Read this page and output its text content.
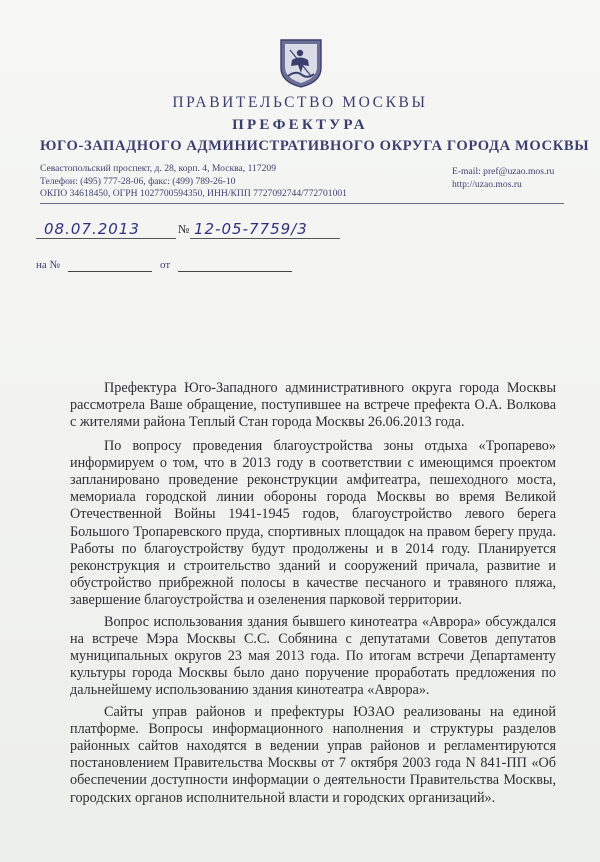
ПРАВИТЕЛЬСТВО МОСКВЫ
ПРЕФЕКТУРА
ЮГО-ЗАПАДНОГО АДМИНИСТРАТИВНОГО ОКРУГА ГОРОДА МОСКВЫ
Севастопольский проспект, д. 28, корп. 4, Москва, 117209
Телефон: (495) 777-28-06, факс: (499) 789-26-10
ОКПО 34618450, ОГРН 1027700594350, ИНН/КПП 7727092744/772701001
E-mail: pref@uzao.mos.ru
http://uzao.mos.ru
08.07.2013	№ 12-05-7759/3
на №	от

Префектура Юго-Западного административного округа города Москвы рассмотрела Ваше обращение, поступившее на встрече префекта О.А. Волкова с жителями района Теплый Стан города Москвы 26.06.2013 года.

По вопросу проведения благоустройства зоны отдыха «Тропарево» информируем о том, что в 2013 году в соответствии с имеющимся проектом запланировано проведение реконструкции амфитеатра, пешеходного моста, мемориала городской линии обороны города Москвы во время Великой Отечественной Войны 1941-1945 годов, благоустройство левого берега Большого Тропаревского пруда, спортивных площадок на правом берегу пруда. Работы по благоустройству будут продолжены и в 2014 году. Планируется реконструкция и строительство зданий и сооружений причала, развитие и обустройство прибрежной полосы в качестве песчаного и травяного пляжа, завершение благоустройства и озеленения парковой территории.

Вопрос использования здания бывшего кинотеатра «Аврора» обсуждался на встрече Мэра Москвы С.С. Собянина с депутатами Советов депутатов муниципальных округов 23 мая 2013 года. По итогам встречи Департаменту культуры города Москвы было дано поручение проработать предложения по дальнейшему использованию здания кинотеатра «Аврора».

Сайты управ районов и префектуры ЮЗАО реализованы на единой платформе. Вопросы информационного наполнения и структуры разделов районных сайтов находятся в ведении управ районов и регламентируются постановлением Правительства Москвы от 7 октября 2003 года N 841-ПП «Об обеспечении доступности информации о деятельности Правительства Москвы, городских органов исполнительной власти и городских организаций».
